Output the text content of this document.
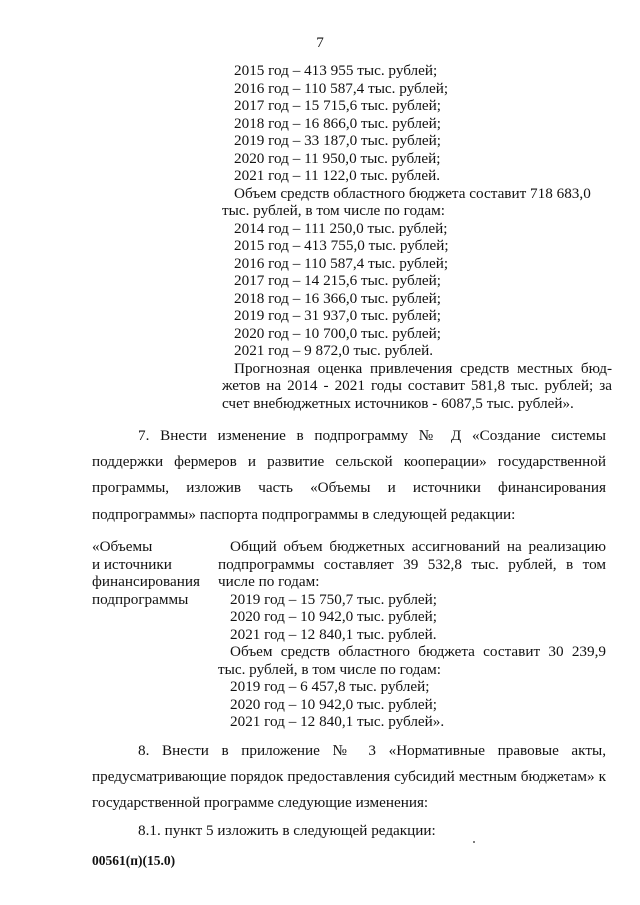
7
2015 год – 413 955 тыс. рублей;
2016 год – 110 587,4 тыс. рублей;
2017 год – 15 715,6 тыс. рублей;
2018 год – 16 866,0 тыс. рублей;
2019 год – 33 187,0 тыс. рублей;
2020 год – 11 950,0 тыс. рублей;
2021 год – 11 122,0 тыс. рублей.
Объем средств областного бюджета составит 718 683,0
тыс. рублей, в том числе по годам:
2014 год – 111 250,0 тыс. рублей;
2015 год – 413 755,0 тыс. рублей;
2016 год – 110 587,4 тыс. рублей;
2017 год – 14 215,6 тыс. рублей;
2018 год – 16 366,0 тыс. рублей;
2019 год – 31 937,0 тыс. рублей;
2020 год – 10 700,0 тыс. рублей;
2021 год – 9 872,0 тыс. рублей.
Прогнозная оценка привлечения средств местных бюд-
жетов на 2014 - 2021 годы составит 581,8 тыс. рублей; за
счет внебюджетных источников - 6087,5 тыс. рублей».

7. Внести изменение в подпрограмму № Д «Создание системы поддержки фермеров и развитие сельской кооперации» государственной программы, изложив часть «Объемы и источники финансирования подпрограммы» паспорта подпрограммы в следующей редакции:

«Объемы
и источники
финансирования
подпрограммы
Общий объем бюджетных ассигнований на реализацию
подпрограммы составляет 39 532,8 тыс. рублей, в том
числе по годам:
2019 год – 15 750,7 тыс. рублей;
2020 год – 10 942,0 тыс. рублей;
2021 год – 12 840,1 тыс. рублей.
Объем средств областного бюджета составит 30 239,9
тыс. рублей, в том числе по годам:
2019 год – 6 457,8 тыс. рублей;
2020 год – 10 942,0 тыс. рублей;
2021 год – 12 840,1 тыс. рублей».

8. Внести в приложение № 3 «Нормативные правовые акты, предусматривающие порядок предоставления субсидий местным бюджетам» к государственной программе следующие изменения:

8.1. пункт 5 изложить в следующей редакции:

00561(п)(15.0)
